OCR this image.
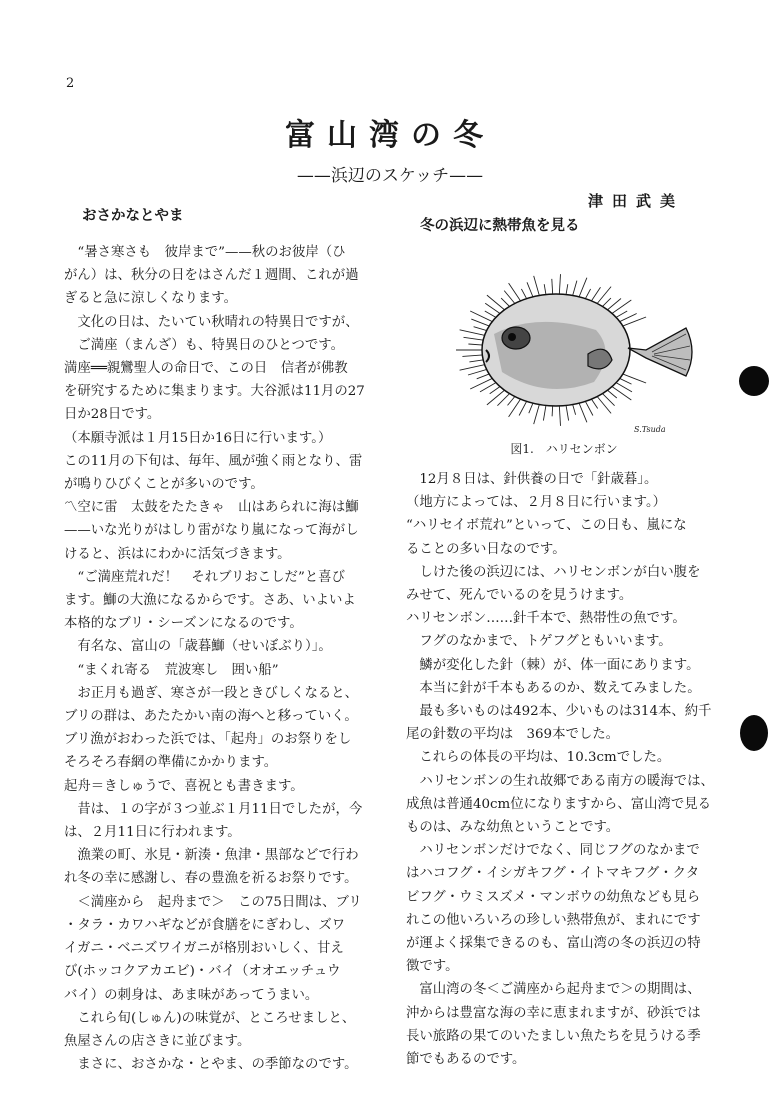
2
富山湾の冬
——浜辺のスケッチ——
津田武美
おさかなとやま
　“暑さ寒さも　彼岸まで”——秋のお彼岸（ひ
がん）は、秋分の日をはさんだ１週間、これが過
ぎると急に涼しくなります。
　文化の日は、たいてい秋晴れの特異日ですが、
　ご満座（まんざ）も、特異日のひとつです。
満座══親鸞聖人の命日で、この日　信者が佛教
を研究するために集まります。大谷派は11月の27
日か28日です。
（本願寺派は１月15日か16日に行います。）
この11月の下旬は、毎年、風が強く雨となり、雷
が鳴りひびくことが多いのです。
〽空に雷　太鼓をたたきゃ　山はあられに海は鰤
——いな光りがはしり雷がなり嵐になって海がし
けると、浜はにわかに活気づきます。
　“ご満座荒れだ！　それブリおこしだ”と喜び
ます。鰤の大漁になるからです。さあ、いよいよ
本格的なブリ・シーズンになるのです。
　有名な、富山の「歳暮鰤（せいぼぶり）」。
　“まくれ寄る　荒波寒し　囲い船”
　お正月も過ぎ、寒さが一段ときびしくなると、
ブリの群は、あたたかい南の海へと移っていく。
ブリ漁がおわった浜では、「起舟」のお祭りをし
そろそろ春網の準備にかかります。
起舟＝きしゅうで、喜祝とも書きます。
　昔は、１の字が３つ並ぶ１月11日でしたが，今
は、２月11日に行われます。
　漁業の町、氷見・新湊・魚津・黒部などで行わ
れ冬の幸に感謝し、春の豊漁を祈るお祭りです。
　＜満座から　起舟まで＞　この75日間は、ブリ
・タラ・カワハギなどが食膳をにぎわし、ズワ
イガニ・ベニズワイガニが格別おいしく、甘え
び(ホッコクアカエビ)・バイ（オオエッチュウ
バイ）の刺身は、あま味があってうまい。
　これら旬(しゅん)の味覚が、ところせましと、
魚屋さんの店さきに並びます。
　まさに、おさかな・とやま、の季節なのです。
冬の浜辺に熱帯魚を見る
S.Tsuda
図1.　ハリセンボン
　12月８日は、針供養の日で「針歳暮」。
（地方によっては、２月８日に行います。）
“ハリセイボ荒れ”といって、この日も、嵐にな
ることの多い日なのです。
　しけた後の浜辺には、ハリセンボンが白い腹を
みせて、死んでいるのを見うけます。
ハリセンボン……針千本で、熱帯性の魚です。
　フグのなかまで、トゲフグともいいます。
　鱗が変化した針（棘）が、体一面にあります。
　本当に針が千本もあるのか、数えてみました。
　最も多いものは492本、少いものは314本、約千
尾の針数の平均は　369本でした。
　これらの体長の平均は、10.3cmでした。
　ハリセンボンの生れ故郷である南方の暖海では、
成魚は普通40cm位になりますから、富山湾で見る
ものは、みな幼魚ということです。
　ハリセンボンだけでなく、同じフグのなかまで
はハコフグ・イシガキフグ・イトマキフグ・クタ
ビフグ・ウミスズメ・マンボウの幼魚なども見ら
れこの他いろいろの珍しい熱帯魚が、まれにです
が運よく採集できるのも、富山湾の冬の浜辺の特
徴です。
　富山湾の冬＜ご満座から起舟まで＞の期間は、
沖からは豊富な海の幸に恵まれますが、砂浜では
長い旅路の果てのいたましい魚たちを見うける季
節でもあるのです。
